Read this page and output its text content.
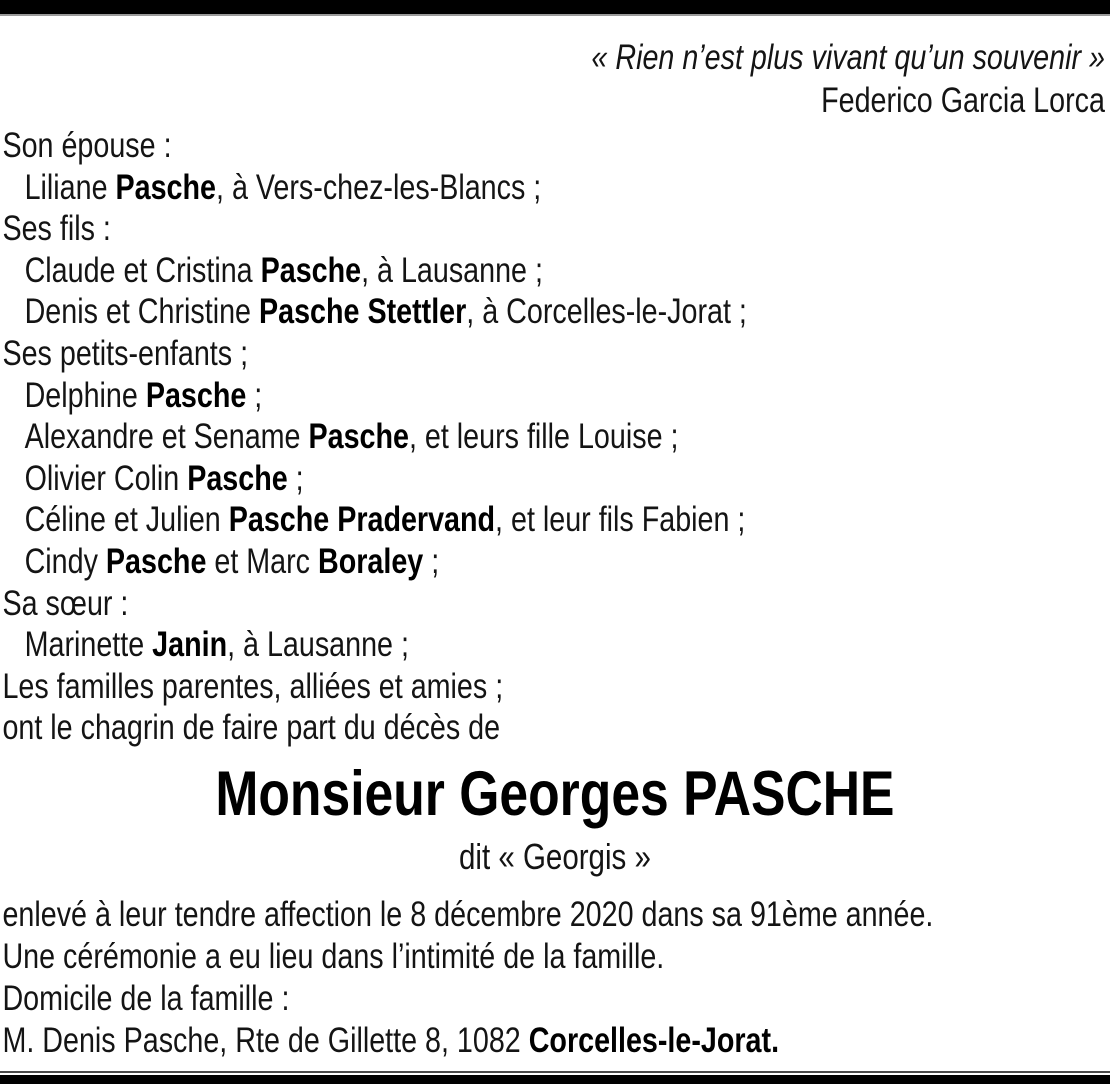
« Rien n’est plus vivant qu’un souvenir »
Federico Garcia Lorca
Son épouse :
Liliane Pasche, à Vers-chez-les-Blancs ;
Ses fils :
Claude et Cristina Pasche, à Lausanne ;
Denis et Christine Pasche Stettler, à Corcelles-le-Jorat ;
Ses petits-enfants ;
Delphine Pasche ;
Alexandre et Sename Pasche, et leurs fille Louise ;
Olivier Colin Pasche ;
Céline et Julien Pasche Pradervand, et leur fils Fabien ;
Cindy Pasche et Marc Boraley ;
Sa sœur :
Marinette Janin, à Lausanne ;
Les familles parentes, alliées et amies ;
ont le chagrin de faire part du décès de
Monsieur Georges PASCHE
dit « Georgis »
enlevé à leur tendre affection le 8 décembre 2020 dans sa 91ème année.
Une cérémonie a eu lieu dans l’intimité de la famille.
Domicile de la famille :
M. Denis Pasche, Rte de Gillette 8, 1082 Corcelles-le-Jorat.
